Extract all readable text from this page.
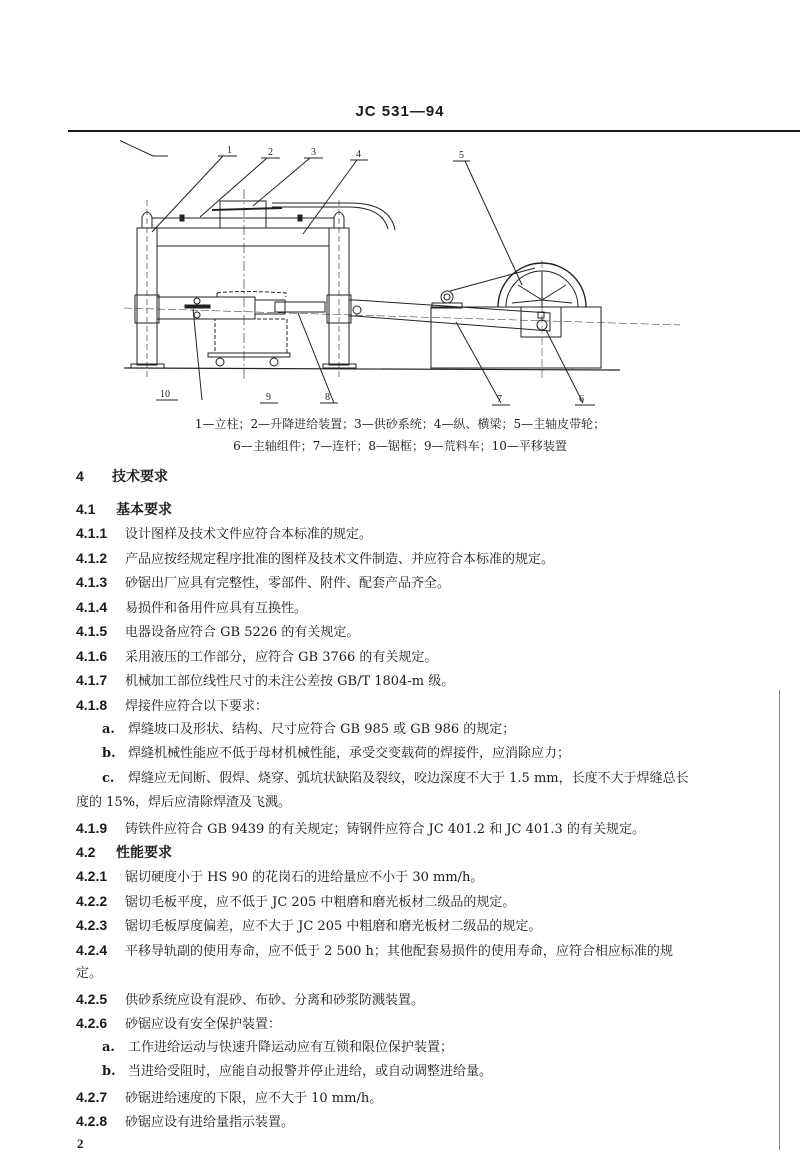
JC 531—94
1	2	3	4	5
6
7
8
9
10
1—立柱；2—升降进给装置；3—供砂系统；4—纵、横梁；5—主轴皮带轮；
6—主轴组件；7—连杆；8—锯框；9—荒料车；10—平移装置
4 技术要求
4.1 基本要求
4.1.1 设计图样及技术文件应符合本标准的规定。
4.1.2 产品应按经规定程序批准的图样及技术文件制造、并应符合本标准的规定。
4.1.3 砂锯出厂应具有完整性，零部件、附件、配套产品齐全。
4.1.4 易损件和备用件应具有互换性。
4.1.5 电器设备应符合 GB 5226 的有关规定。
4.1.6 采用液压的工作部分，应符合 GB 3766 的有关规定。
4.1.7 机械加工部位线性尺寸的未注公差按 GB/T 1804-m 级。
4.1.8 焊接件应符合以下要求：
a. 焊缝坡口及形状、结构、尺寸应符合 GB 985 或 GB 986 的规定；
b. 焊缝机械性能应不低于母材机械性能，承受交变载荷的焊接件，应消除应力；
c. 焊缝应无间断、假焊、烧穿、弧坑状缺陷及裂纹，咬边深度不大于 1.5 mm，长度不大于焊缝总长
度的 15%，焊后应清除焊渣及飞溅。
4.1.9 铸铁件应符合 GB 9439 的有关规定；铸钢件应符合 JC 401.2 和 JC 401.3 的有关规定。
4.2 性能要求
4.2.1 锯切硬度小于 HS 90 的花岗石的进给量应不小于 30 mm/h。
4.2.2 锯切毛板平度，应不低于 JC 205 中粗磨和磨光板材二级品的规定。
4.2.3 锯切毛板厚度偏差，应不大于 JC 205 中粗磨和磨光板材二级品的规定。
4.2.4 平移导轨副的使用寿命，应不低于 2 500 h；其他配套易损件的使用寿命，应符合相应标准的规
定。
4.2.5 供砂系统应设有混砂、布砂、分离和砂浆防溅装置。
4.2.6 砂锯应设有安全保护装置：
a. 工作进给运动与快速升降运动应有互锁和限位保护装置；
b. 当进给受阻时，应能自动报警并停止进给，或自动调整进给量。
4.2.7 砂锯进给速度的下限，应不大于 10 mm/h。
4.2.8 砂锯应设有进给量指示装置。
2
